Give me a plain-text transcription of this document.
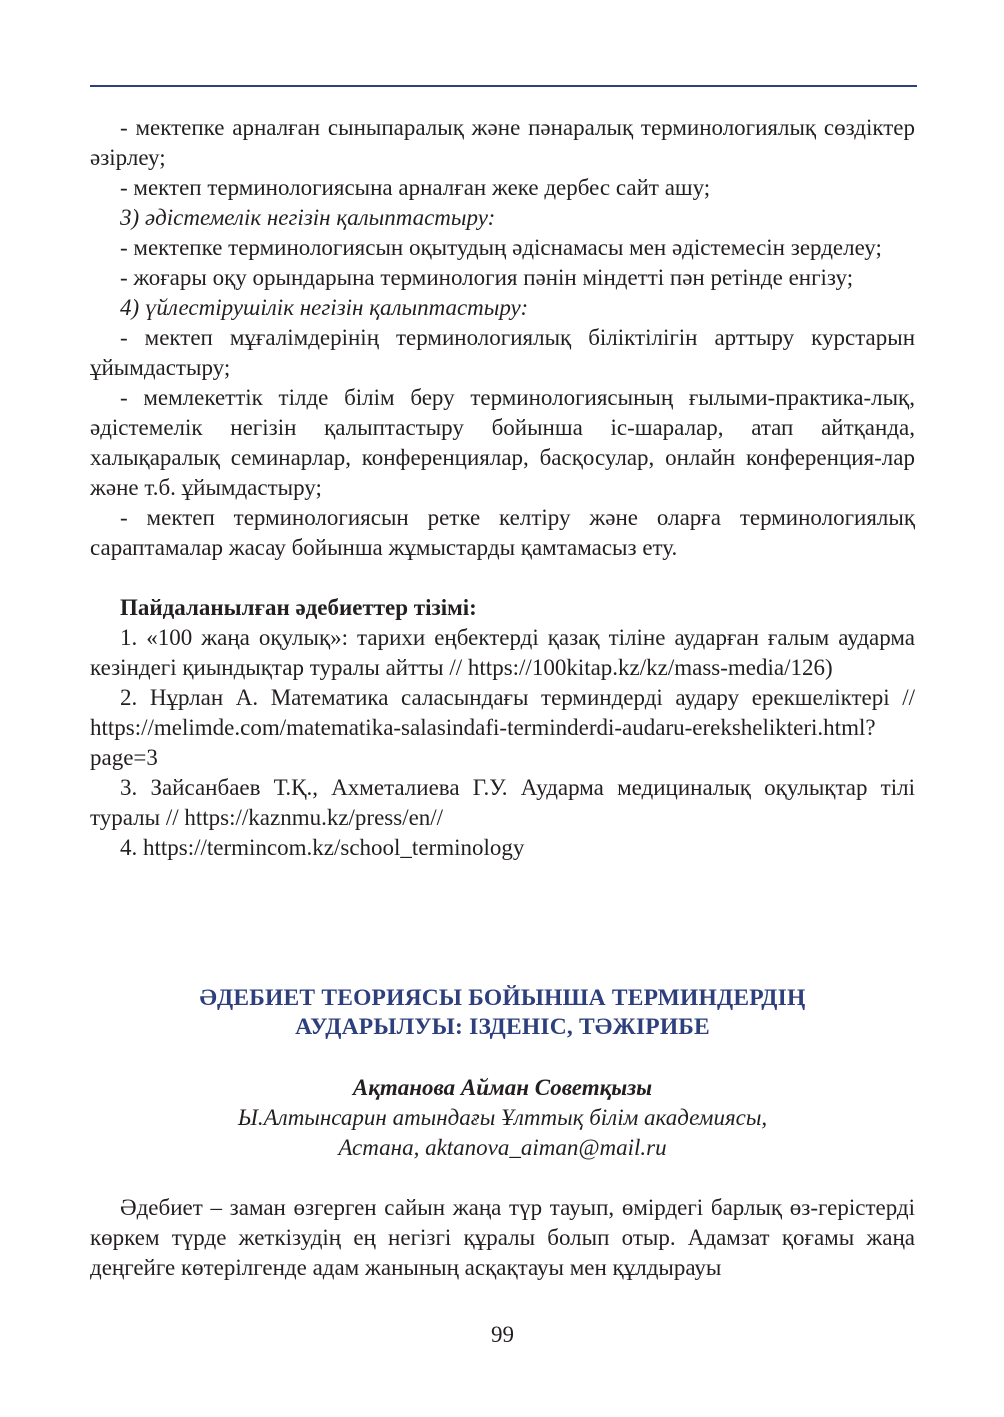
- мектепке арналған сыныпаралық және пәнаралық терминологиялық сөздіктер әзірлеу;

- мектеп терминологиясына арналған жеке дербес сайт ашу;

3) әдістемелік негізін қалыптастыру:

- мектепке терминологиясын оқытудың әдіснамасы мен әдістемесін зерделеу;

- жоғары оқу орындарына терминология пәнін міндетті пән ретінде енгізу;

4) үйлестірушілік негізін қалыптастыру:

- мектеп мұғалімдерінің терминологиялық біліктілігін арттыру курстарын ұйымдастыру;

- мемлекеттік тілде білім беру терминологиясының ғылыми-практика-лық, әдістемелік негізін қалыптастыру бойынша іс-шаралар, атап айтқанда, халықаралық семинарлар, конференциялар, басқосулар, онлайн конференция-лар және т.б. ұйымдастыру;

- мектеп терминологиясын ретке келтіру және оларға терминологиялық сараптамалар жасау бойынша жұмыстарды қамтамасыз ету.

Пайдаланылған әдебиеттер тізімі:

1. «100 жаңа оқулық»: тарихи еңбектерді қазақ тіліне аударған ғалым аударма кезіндегі қиындықтар туралы айтты // https://100kitap.kz/kz/mass-media/126)

2. Нұрлан А. Математика саласындағы терминдерді аудару ерекшеліктері // https://melimde.com/matematika-salasindafi-terminderdi-audaru-erekshelikteri.html?page=3

3. Зайсанбаев Т.Қ., Ахметалиева Г.У. Аударма медициналық оқулықтар тілі туралы // https://kaznmu.kz/press/en//

4. https://termincom.kz/school_terminology

ӘДЕБИЕТ ТЕОРИЯСЫ БОЙЫНША ТЕРМИНДЕРДІҢ
АУДАРЫЛУЫ: ІЗДЕНІС, ТӘЖІРИБЕ
Ақтанова Айман Советқызы
Ы.Алтынсарин атындағы Ұлттық білім академиясы,
Астана, aktanova_aiman@mail.ru

Әдебиет – заман өзгерген сайын жаңа түр тауып, өмірдегі барлық өз-герістерді көркем түрде жеткізудің ең негізгі құралы болып отыр. Адамзат қоғамы жаңа деңгейге көтерілгенде адам жанының асқақтауы мен құлдырауы

99
